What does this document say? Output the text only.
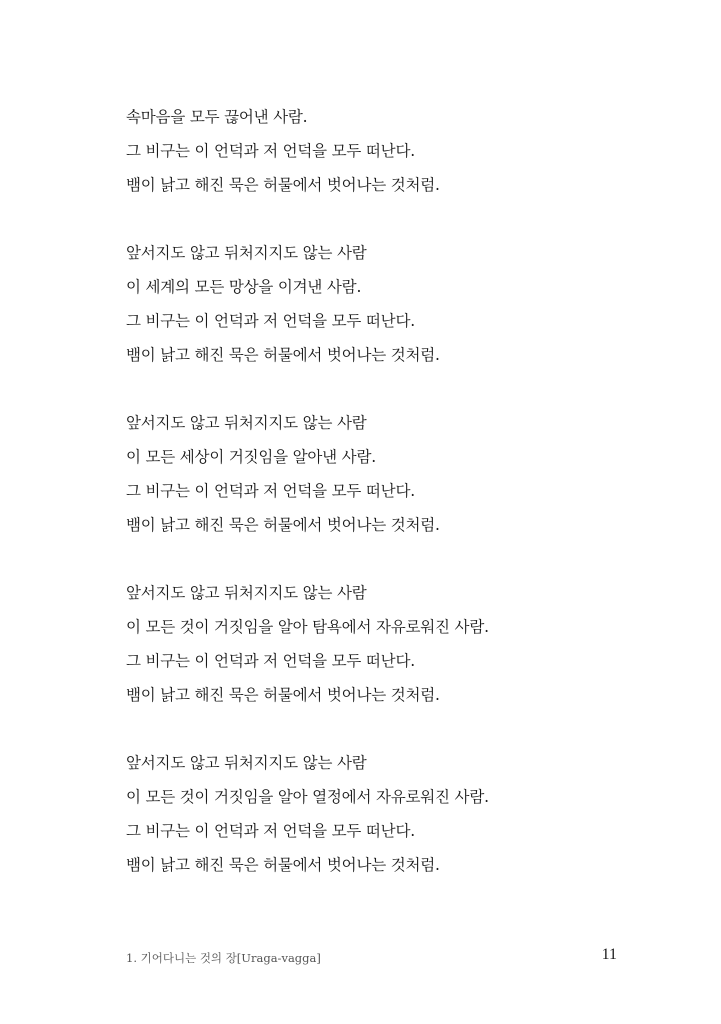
속마음을 모두 끊어낸 사람.
그 비구는 이 언덕과 저 언덕을 모두 떠난다.
뱀이 낡고 해진 묵은 허물에서 벗어나는 것처럼.
앞서지도 않고 뒤처지지도 않는 사람
이 세계의 모든 망상을 이겨낸 사람.
그 비구는 이 언덕과 저 언덕을 모두 떠난다.
뱀이 낡고 해진 묵은 허물에서 벗어나는 것처럼.
앞서지도 않고 뒤처지지도 않는 사람
이 모든 세상이 거짓임을 알아낸 사람.
그 비구는 이 언덕과 저 언덕을 모두 떠난다.
뱀이 낡고 해진 묵은 허물에서 벗어나는 것처럼.
앞서지도 않고 뒤처지지도 않는 사람
이 모든 것이 거짓임을 알아 탐욕에서 자유로워진 사람.
그 비구는 이 언덕과 저 언덕을 모두 떠난다.
뱀이 낡고 해진 묵은 허물에서 벗어나는 것처럼.
앞서지도 않고 뒤처지지도 않는 사람
이 모든 것이 거짓임을 알아 열정에서 자유로워진 사람.
그 비구는 이 언덕과 저 언덕을 모두 떠난다.
뱀이 낡고 해진 묵은 허물에서 벗어나는 것처럼.
1. 기어다니는 것의 장[Uraga-vagga]	11
